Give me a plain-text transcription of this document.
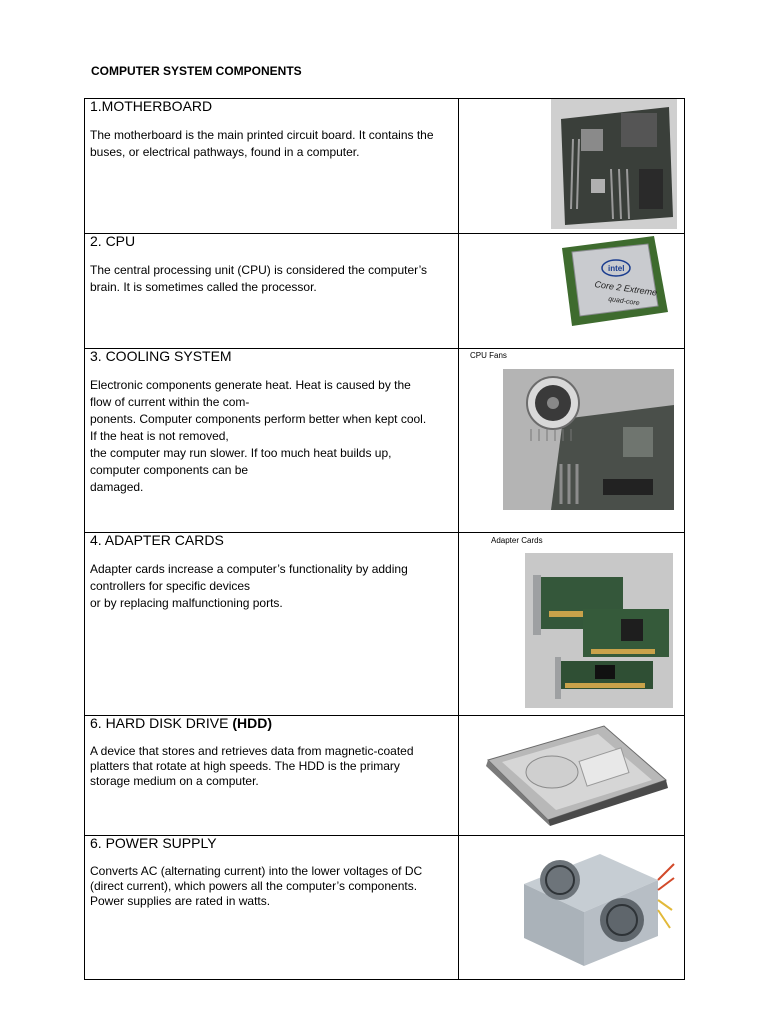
COMPUTER SYSTEM COMPONENTS
1.MOTHERBOARD

The motherboard is the main printed circuit board. It contains the
buses, or electrical pathways, found in a computer.

2. CPU

The central processing unit (CPU) is considered the computer’s
brain. It is sometimes called the processor.

intel
Core 2 Extreme
quad-core
3. COOLING SYSTEM

Electronic components generate heat. Heat is caused by the
flow of current within the com-
ponents. Computer components perform better when kept cool.
If the heat is not removed,
the computer may run slower. If too much heat builds up,
computer components can be
damaged.

CPU Fans
4. ADAPTER CARDS

Adapter cards increase a computer’s functionality by adding
controllers for specific devices
or by replacing malfunctioning ports.

Adapter Cards
6. HARD DISK DRIVE (HDD)

A device that stores and retrieves data from magnetic-coated
platters that rotate at high speeds. The HDD is the primary
storage medium on a computer.

6. POWER SUPPLY

Converts AC (alternating current) into the lower voltages of DC
(direct current), which powers all the computer’s components.
Power supplies are rated in watts.
